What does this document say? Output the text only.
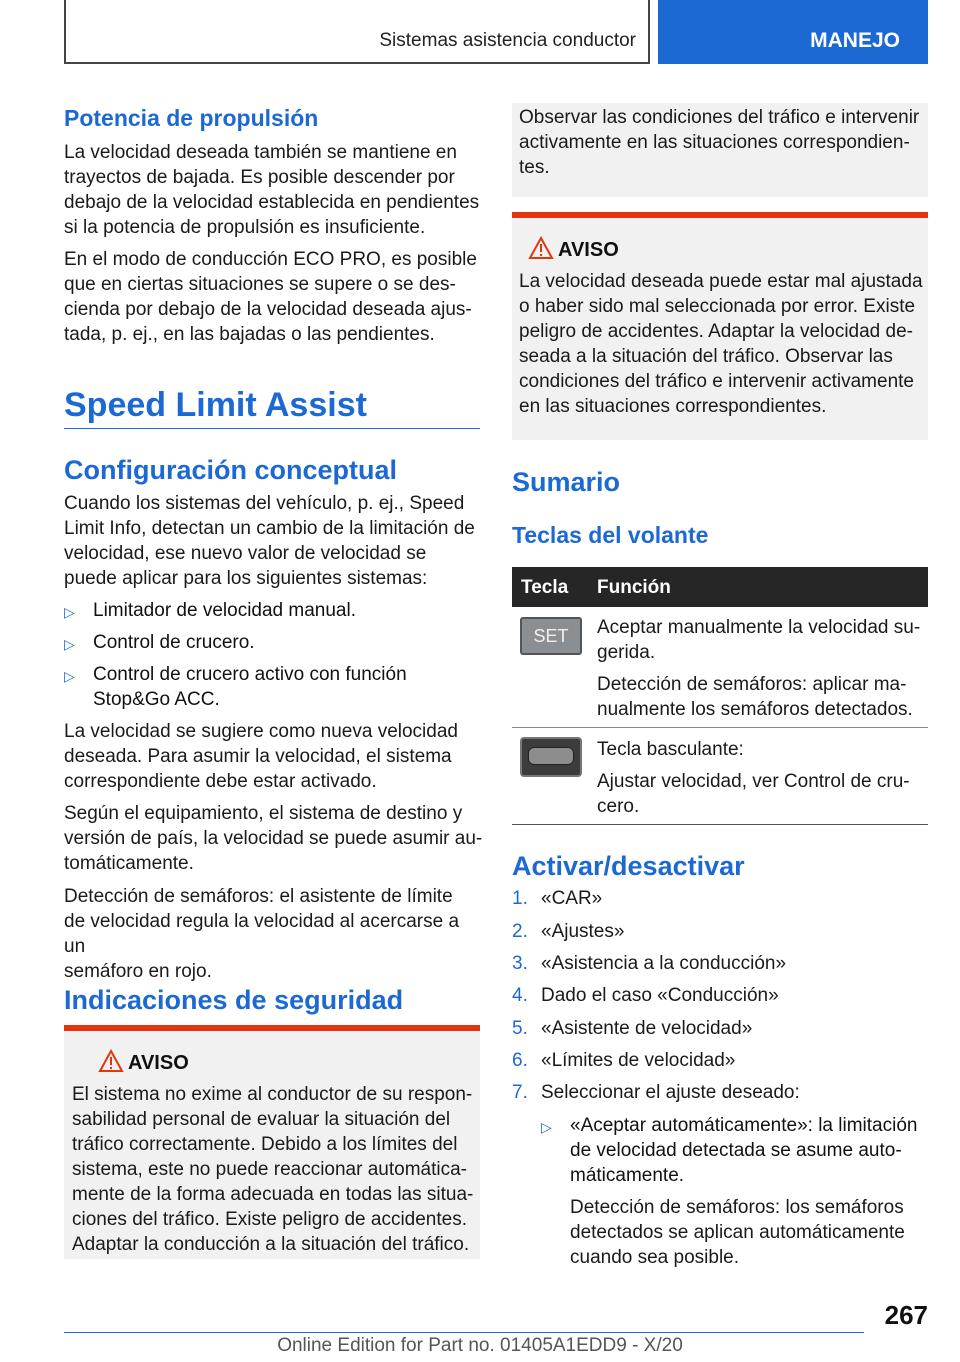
Sistemas asistencia conductor	MANEJO
Potencia de propulsión
La velocidad deseada también se mantiene en
trayectos de bajada. Es posible descender por
debajo de la velocidad establecida en pendientes
si la potencia de propulsión es insuficiente.
En el modo de conducción ECO PRO, es posible
que en ciertas situaciones se supere o se des-
cienda por debajo de la velocidad deseada ajus-
tada, p. ej., en las bajadas o las pendientes.
Speed Limit Assist
Configuración conceptual
Cuando los sistemas del vehículo, p. ej., Speed
Limit Info, detectan un cambio de la limitación de
velocidad, ese nuevo valor de velocidad se
puede aplicar para los siguientes sistemas:
▷ Limitador de velocidad manual.
▷ Control de crucero.
▷ Control de crucero activo con función
Stop&Go ACC.
La velocidad se sugiere como nueva velocidad
deseada. Para asumir la velocidad, el sistema
correspondiente debe estar activado.
Según el equipamiento, el sistema de destino y
versión de país, la velocidad se puede asumir au-
tomáticamente.
Detección de semáforos: el asistente de límite
de velocidad regula la velocidad al acercarse a un
semáforo en rojo.
Indicaciones de seguridad
AVISO
El sistema no exime al conductor de su respon-
sabilidad personal de evaluar la situación del
tráfico correctamente. Debido a los límites del
sistema, este no puede reaccionar automática-
mente de la forma adecuada en todas las situa-
ciones del tráfico. Existe peligro de accidentes.
Adaptar la conducción a la situación del tráfico.
Observar las condiciones del tráfico e intervenir
activamente en las situaciones correspondien-
tes.
AVISO
La velocidad deseada puede estar mal ajustada
o haber sido mal seleccionada por error. Existe
peligro de accidentes. Adaptar la velocidad de-
seada a la situación del tráfico. Observar las
condiciones del tráfico e intervenir activamente
en las situaciones correspondientes.
Sumario
Teclas del volante
Tecla Función
SET	Aceptar manualmente la velocidad su-
gerida.
Detección de semáforos: aplicar ma-
nualmente los semáforos detectados.
Tecla basculante:
Ajustar velocidad, ver Control de cru-
cero.
Activar/desactivar
1. «CAR»
2. «Ajustes»
3. «Asistencia a la conducción»
4. Dado el caso «Conducción»
5. «Asistente de velocidad»
6. «Límites de velocidad»
7. Seleccionar el ajuste deseado:
▷ «Aceptar automáticamente»: la limitación
de velocidad detectada se asume auto-
máticamente.
Detección de semáforos: los semáforos
detectados se aplican automáticamente
cuando sea posible.
267
Online Edition for Part no. 01405A1EDD9 - X/20
